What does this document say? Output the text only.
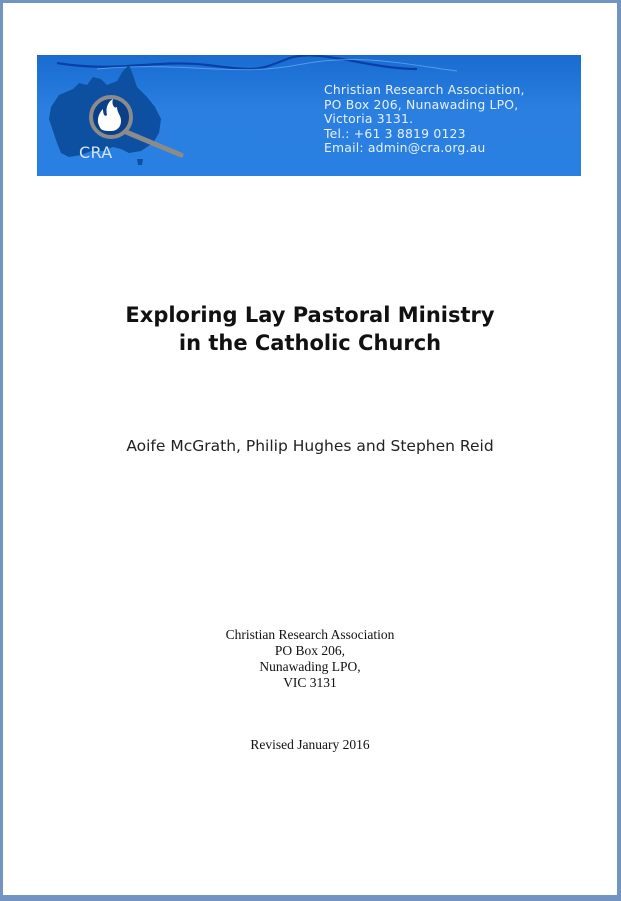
CRA
Christian Research Association,
PO Box 206, Nunawading LPO,
Victoria 3131.
Tel.: +61 3 8819 0123
Email: admin@cra.org.au
Exploring Lay Pastoral Ministry
in the Catholic Church
Aoife McGrath, Philip Hughes and Stephen Reid
Christian Research Association
PO Box 206,
Nunawading LPO,
VIC 3131
Revised January 2016
